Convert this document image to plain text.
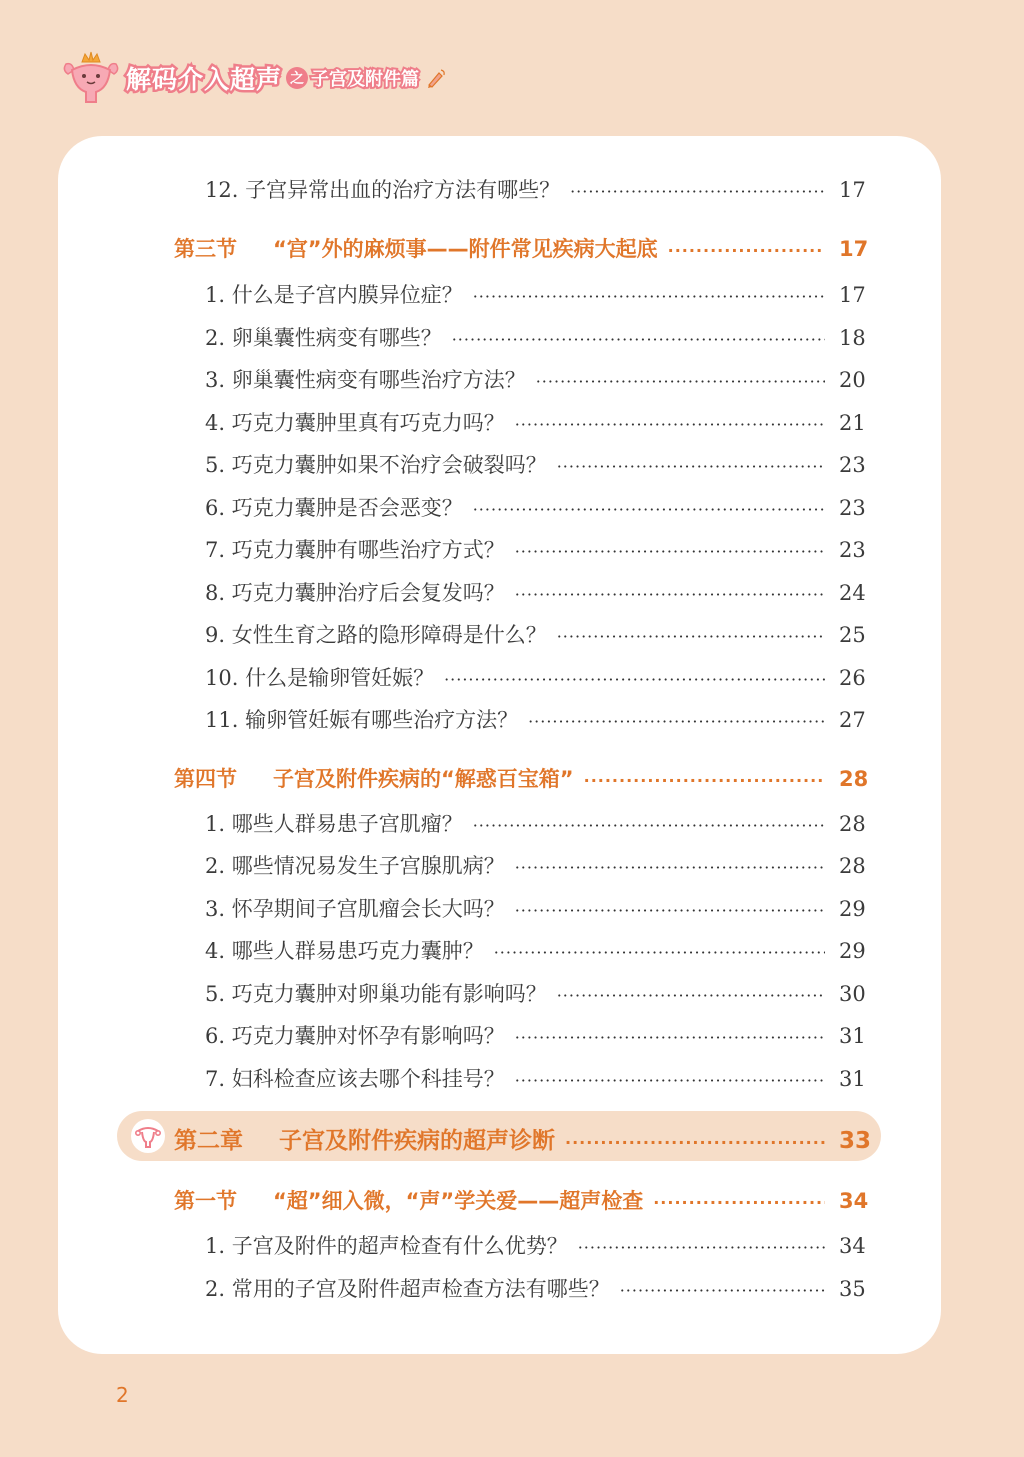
解码介入超声 之 子宫及附件篇
12. 子宫异常出血的治疗方法有哪些？ ·····	17
第三节 “宫”外的麻烦事——附件常见疾病大起底 ·····	17
1. 什么是子宫内膜异位症？ ·····	17
2. 卵巢囊性病变有哪些？ ·····	18
3. 卵巢囊性病变有哪些治疗方法？ ·····	20
4. 巧克力囊肿里真有巧克力吗？ ·····	21
5. 巧克力囊肿如果不治疗会破裂吗？ ·····	23
6. 巧克力囊肿是否会恶变？ ·····	23
7. 巧克力囊肿有哪些治疗方式？ ·····	23
8. 巧克力囊肿治疗后会复发吗？ ·····	24
9. 女性生育之路的隐形障碍是什么？ ·····	25
10. 什么是输卵管妊娠？ ·····	26
11. 输卵管妊娠有哪些治疗方法？ ·····	27
第四节 子宫及附件疾病的“解惑百宝箱” ·····	28
1. 哪些人群易患子宫肌瘤？ ·····	28
2. 哪些情况易发生子宫腺肌病？ ·····	28
3. 怀孕期间子宫肌瘤会长大吗？ ·····	29
4. 哪些人群易患巧克力囊肿？ ·····	29
5. 巧克力囊肿对卵巢功能有影响吗？ ·····	30
6. 巧克力囊肿对怀孕有影响吗？ ·····	31
7. 妇科检查应该去哪个科挂号？ ·····	31
第二章 子宫及附件疾病的超声诊断 ·····	33
第一节 “超”细入微，“声”学关爱——超声检查 ·····	34
1. 子宫及附件的超声检查有什么优势？ ·····	34
2. 常用的子宫及附件超声检查方法有哪些？ ·····	35
2
